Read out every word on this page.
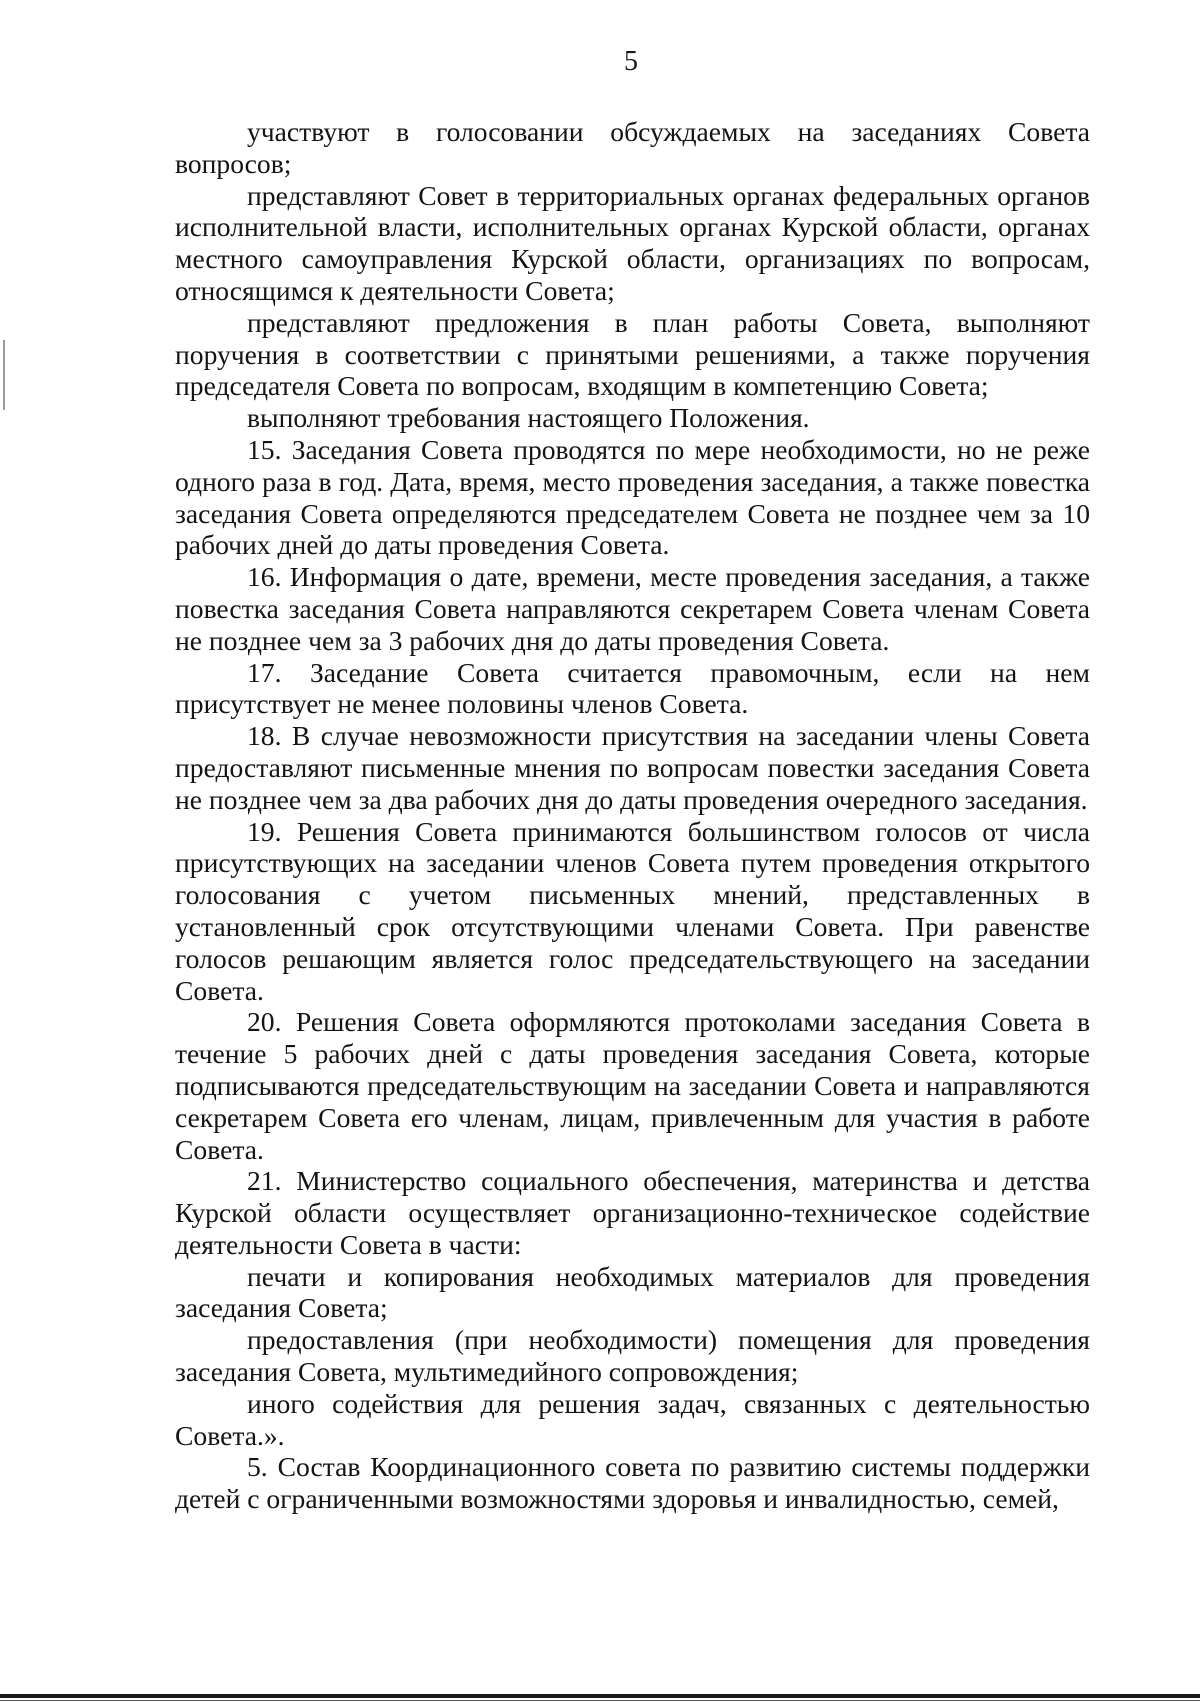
5

участвуют в голосовании обсуждаемых на заседаниях Совета вопросов;

представляют Совет в территориальных органах федеральных органов исполнительной власти, исполнительных органах Курской области, органах местного самоуправления Курской области, организациях по вопросам, относящимся к деятельности Совета;

представляют предложения в план работы Совета, выполняют поручения в соответствии с принятыми решениями, а также поручения председателя Совета по вопросам, входящим в компетенцию Совета;

выполняют требования настоящего Положения.

15. Заседания Совета проводятся по мере необходимости, но не реже одного раза в год. Дата, время, место проведения заседания, а также повестка заседания Совета определяются председателем Совета не позднее чем за 10 рабочих дней до даты проведения Совета.

16. Информация о дате, времени, месте проведения заседания, а также повестка заседания Совета направляются секретарем Совета членам Совета не позднее чем за 3 рабочих дня до даты проведения Совета.

17. Заседание Совета считается правомочным, если на нем присутствует не менее половины членов Совета.

18. В случае невозможности присутствия на заседании члены Совета предоставляют письменные мнения по вопросам повестки заседания Совета не позднее чем за два рабочих дня до даты проведения очередного заседания.

19. Решения Совета принимаются большинством голосов от числа присутствующих на заседании членов Совета путем проведения открытого голосования с учетом письменных мнений, представленных в установленный срок отсутствующими членами Совета. При равенстве голосов решающим является голос председательствующего на заседании Совета.

20. Решения Совета оформляются протоколами заседания Совета в течение 5 рабочих дней с даты проведения заседания Совета, которые подписываются председательствующим на заседании Совета и направляются секретарем Совета его членам, лицам, привлеченным для участия в работе Совета.

21. Министерство социального обеспечения, материнства и детства Курской области осуществляет организационно-техническое содействие деятельности Совета в части:

печати и копирования необходимых материалов для проведения заседания Совета;

предоставления (при необходимости) помещения для проведения заседания Совета, мультимедийного сопровождения;

иного содействия для решения задач, связанных с деятельностью Совета.».

5. Состав Координационного совета по развитию системы поддержки детей с ограниченными возможностями здоровья и инвалидностью, семей,
